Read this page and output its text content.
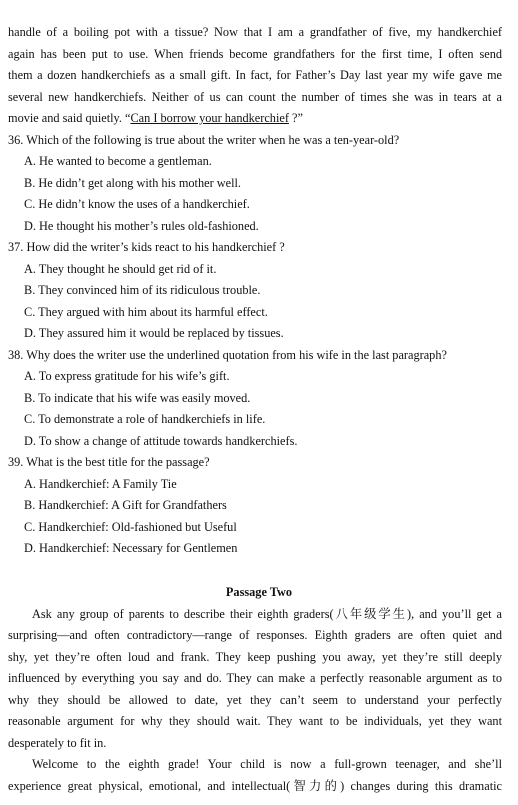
handle of a boiling pot with a tissue? Now that I am a grandfather of five, my handkerchief
again has been put to use. When friends become grandfathers for the first time, I often send
them a dozen handkerchiefs as a small gift. In fact, for Father’s Day last year my wife gave me
several new handkerchiefs. Neither of us can count the number of times she was in tears at a
movie and said quietly. “Can I borrow your handkerchief ?”
36. Which of the following is true about the writer when he was a ten-year-old?
A. He wanted to become a gentleman.
B. He didn’t get along with his mother well.
C. He didn’t know the uses of a handkerchief.
D. He thought his mother’s rules old-fashioned.
37. How did the writer’s kids react to his handkerchief ?
A. They thought he should get rid of it.
B. They convinced him of its ridiculous trouble.
C. They argued with him about its harmful effect.
D. They assured him it would be replaced by tissues.
38. Why does the writer use the underlined quotation from his wife in the last paragraph?
A. To express gratitude for his wife’s gift.
B. To indicate that his wife was easily moved.
C. To demonstrate a role of handkerchiefs in life.
D. To show a change of attitude towards handkerchiefs.
39. What is the best title for the passage?
A. Handkerchief: A Family Tie
B. Handkerchief: A Gift for Grandfathers
C. Handkerchief: Old-fashioned but Useful
D. Handkerchief: Necessary for Gentlemen
Passage Two
Ask any group of parents to describe their eighth graders(八年级学生), and you’ll get a
surprising—and often contradictory—range of responses. Eighth graders are often quiet and
shy, yet they’re often loud and frank. They keep pushing you away, yet they’re still deeply
influenced by everything you say and do. They can make a perfectly reasonable argument as to
why they should be allowed to date, yet they can’t seem to understand your perfectly
reasonable argument for why they should wait. They want to be individuals, yet they want
desperately to fit in.
Welcome to the eighth grade! Your child is now a full-grown teenager, and she’ll
experience great physical, emotional, and intellectual(智力的) changes during this dramatic
